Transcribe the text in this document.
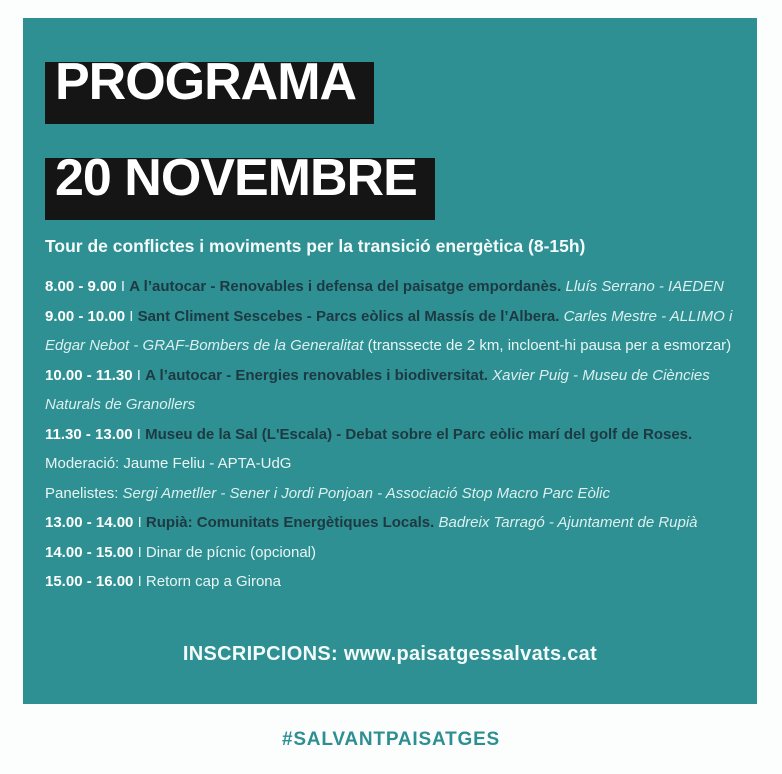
PROGRAMA
20 NOVEMBRE

Tour de conflictes i moviments per la transició energètica (8-15h)

8.00 - 9.00 I A l’autocar - Renovables i defensa del paisatge empordanès. Lluís Serrano - IAEDEN

9.00 - 10.00 I Sant Climent Sescebes - Parcs eòlics al Massís de l’Albera. Carles Mestre - ALLIMO i Edgar Nebot - GRAF-Bombers de la Generalitat (transsecte de 2 km, incloent-hi pausa per a esmorzar)

10.00 - 11.30 I A l’autocar - Energies renovables i biodiversitat. Xavier Puig - Museu de Ciències Naturals de Granollers

11.30 - 13.00 I Museu de la Sal (L'Escala) - Debat sobre el Parc eòlic marí del golf de Roses.

Moderació: Jaume Feliu - APTA-UdG

Panelistes: Sergi Ametller - Sener i Jordi Ponjoan - Associació Stop Macro Parc Eòlic

13.00 - 14.00 I Rupià: Comunitats Energètiques Locals. Badreix Tarragó - Ajuntament de Rupià

14.00 - 15.00 I Dinar de pícnic (opcional)

15.00 - 16.00 I Retorn cap a Girona

INSCRIPCIONS: www.paisatgessalvats.cat
#SALVANTPAISATGES
